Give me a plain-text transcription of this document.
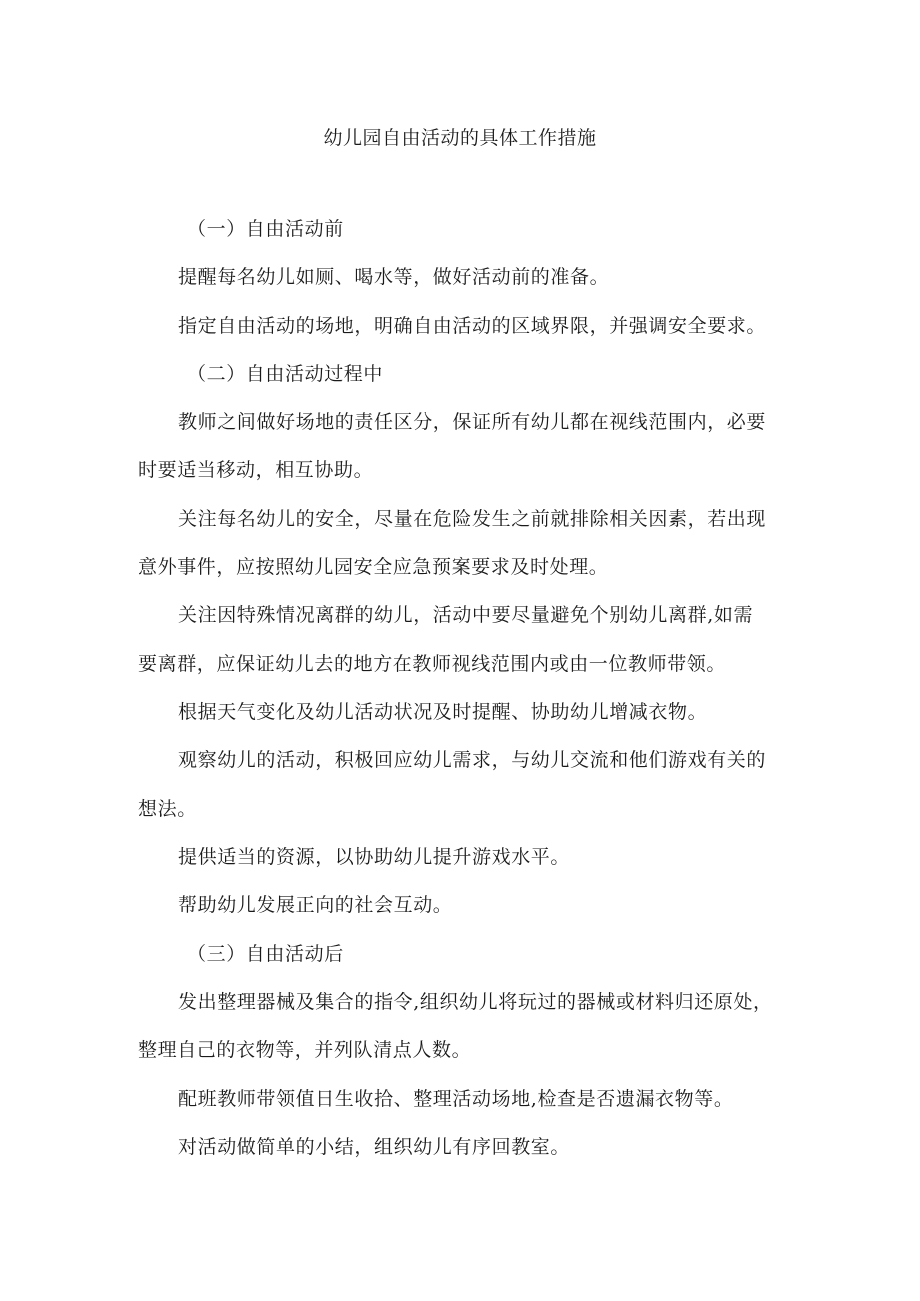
幼儿园自由活动的具体工作措施
（一）自由活动前
提醒每名幼儿如厕、喝水等，做好活动前的准备。
指定自由活动的场地，明确自由活动的区域界限，并强调安全要求。
（二）自由活动过程中
教师之间做好场地的责任区分，保证所有幼儿都在视线范围内，必要
时要适当移动，相互协助。
关注每名幼儿的安全，尽量在危险发生之前就排除相关因素，若出现
意外事件，应按照幼儿园安全应急预案要求及时处理。
关注因特殊情况离群的幼儿，活动中要尽量避免个别幼儿离群,如需
要离群，应保证幼儿去的地方在教师视线范围内或由一位教师带领。
根据天气变化及幼儿活动状况及时提醒、协助幼儿增减衣物。
观察幼儿的活动，积极回应幼儿需求，与幼儿交流和他们游戏有关的
想法。
提供适当的资源，以协助幼儿提升游戏水平。
帮助幼儿发展正向的社会互动。
（三）自由活动后
发出整理器械及集合的指令,组织幼儿将玩过的器械或材料归还原处，
整理自己的衣物等，并列队清点人数。
配班教师带领值日生收拾、整理活动场地,检查是否遗漏衣物等。
对活动做简单的小结，组织幼儿有序回教室。
